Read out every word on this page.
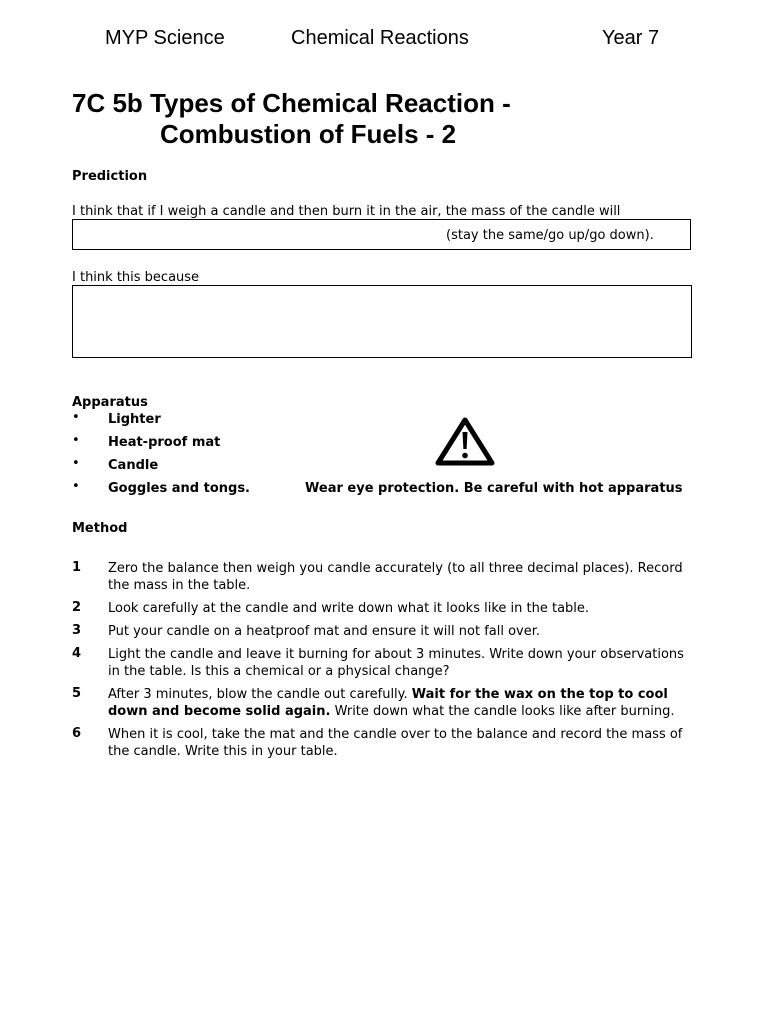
MYP Science	Chemical Reactions	Year 7
7C 5b Types of Chemical Reaction -
Combustion of Fuels - 2
Prediction
I think that if I weigh a candle and then burn it in the air, the mass of the candle will
(stay the same/go up/go down).
I think this because
Apparatus
• Lighter
• Heat-proof mat
• Candle
• Goggles and tongs.	Wear eye protection. Be careful with hot apparatus
Method
1 Zero the balance then weigh you candle accurately (to all three decimal places). Record the mass in the table.
2 Look carefully at the candle and write down what it looks like in the table.
3 Put your candle on a heatproof mat and ensure it will not fall over.
4 Light the candle and leave it burning for about 3 minutes. Write down your observations in the table. Is this a chemical or a physical change?
5 After 3 minutes, blow the candle out carefully. Wait for the wax on the top to cool down and become solid again. Write down what the candle looks like after burning.
6 When it is cool, take the mat and the candle over to the balance and record the mass of the candle. Write this in your table.
